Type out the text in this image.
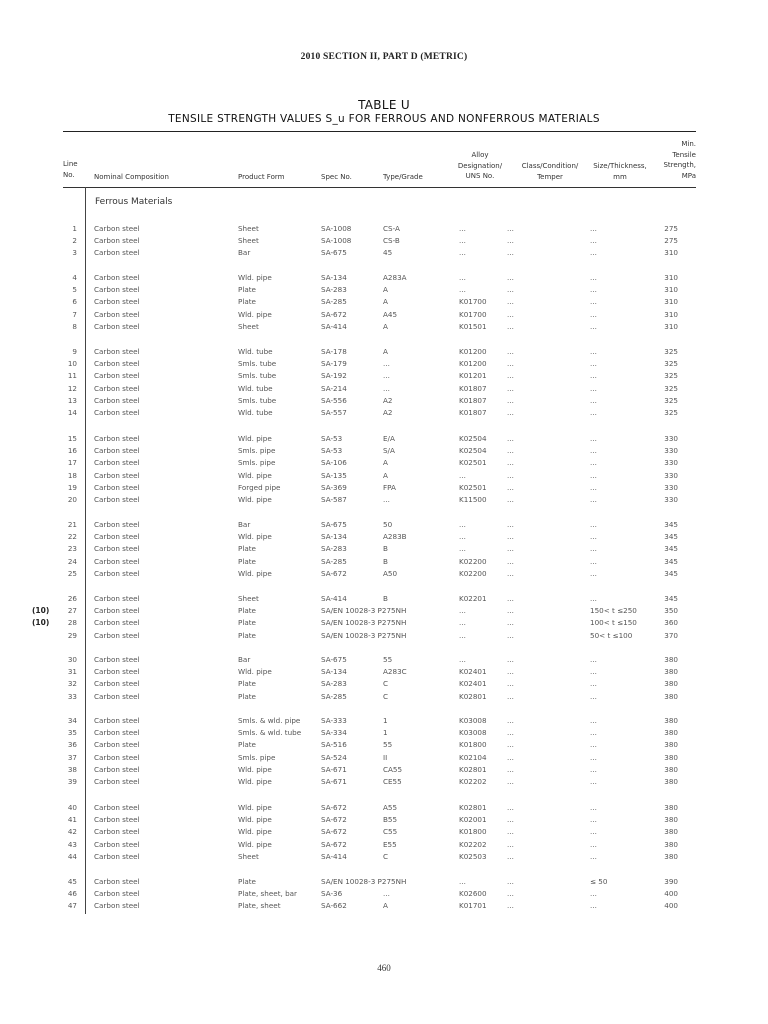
2010 SECTION II, PART D (METRIC)
TABLE U
TENSILE STRENGTH VALUES S_u FOR FERROUS AND NONFERROUS MATERIALS
Line
No.	Nominal Composition	Product Form	Spec No.	Type/Grade
Alloy
Designation/
UNS No.
Class/Condition/
Temper
Size/Thickness,
mm
Min.
Tensile
Strength,
MPa
Ferrous Materials
1 Carbon steel	Sheet	SA-1008	CS-A	...	...	...	275
2 Carbon steel	Sheet	SA-1008	CS-B	...	...	...	275
3 Carbon steel	Bar	SA-675	45	...	...	...	310
4 Carbon steel	Wld. pipe	SA-134	A283A	...	...	...	310
5 Carbon steel	Plate	SA-283	A	...	...	...	310
6 Carbon steel	Plate	SA-285	A	K01700	...	...	310
7 Carbon steel	Wld. pipe	SA-672	A45	K01700	...	...	310
8 Carbon steel	Sheet	SA-414	A	K01501	...	...	310
9 Carbon steel	Wld. tube	SA-178	A	K01200	...	...	325
10 Carbon steel	Smls. tube	SA-179	...	K01200	...	...	325
11 Carbon steel	Smls. tube	SA-192	...	K01201	...	...	325
12 Carbon steel	Wld. tube	SA-214	...	K01807	...	...	325
13 Carbon steel	Smls. tube	SA-556	A2	K01807	...	...	325
14 Carbon steel	Wld. tube	SA-557	A2	K01807	...	...	325
15 Carbon steel	Wld. pipe	SA-53	E/A	K02504	...	...	330
16 Carbon steel	Smls. pipe	SA-53	S/A	K02504	...	...	330
17 Carbon steel	Smls. pipe	SA-106	A	K02501	...	...	330
18 Carbon steel	Wld. pipe	SA-135	A	...	...	...	330
19 Carbon steel	Forged pipe	SA-369	FPA	K02501	...	...	330
20 Carbon steel	Wld. pipe	SA-587	...	K11500	...	...	330
21 Carbon steel	Bar	SA-675	50	...	...	...	345
22 Carbon steel	Wld. pipe	SA-134	A283B	...	...	...	345
23 Carbon steel	Plate	SA-283	B	...	...	...	345
24 Carbon steel	Plate	SA-285	B	K02200	...	...	345
25 Carbon steel	Wld. pipe	SA-672	A50	K02200	...	...	345
26 Carbon steel	Sheet	SA-414	B	K02201	...	...	345
(10)	27 Carbon steel	Plate	SA/EN 10028-3 P275NH	...	...	150< t ≤250	350
(10)	28 Carbon steel	Plate	SA/EN 10028-3 P275NH	...	...	100< t ≤150	360
29 Carbon steel	Plate	SA/EN 10028-3 P275NH	...	...	50< t ≤100	370
30 Carbon steel	Bar	SA-675	55	...	...	...	380
31 Carbon steel	Wld. pipe	SA-134	A283C	K02401	...	...	380
32 Carbon steel	Plate	SA-283	C	K02401	...	...	380
33 Carbon steel	Plate	SA-285	C	K02801	...	...	380
34 Carbon steel	Smls. & wld. pipe	SA-333	1	K03008	...	...	380
35 Carbon steel	Smls. & wld. tube	SA-334	1	K03008	...	...	380
36 Carbon steel	Plate	SA-516	55	K01800	...	...	380
37 Carbon steel	Smls. pipe	SA-524	II	K02104	...	...	380
38 Carbon steel	Wld. pipe	SA-671	CA55	K02801	...	...	380
39 Carbon steel	Wld. pipe	SA-671	CE55	K02202	...	...	380
40 Carbon steel	Wld. pipe	SA-672	A55	K02801	...	...	380
41 Carbon steel	Wld. pipe	SA-672	B55	K02001	...	...	380
42 Carbon steel	Wld. pipe	SA-672	C55	K01800	...	...	380
43 Carbon steel	Wld. pipe	SA-672	E55	K02202	...	...	380
44 Carbon steel	Sheet	SA-414	C	K02503	...	...	380
45 Carbon steel	Plate	SA/EN 10028-3 P275NH	...	...	≤ 50	390
46 Carbon steel	Plate, sheet, bar	SA-36	...	K02600	...	...	400
47 Carbon steel	Plate, sheet	SA-662	A	K01701	...	...	400
460
